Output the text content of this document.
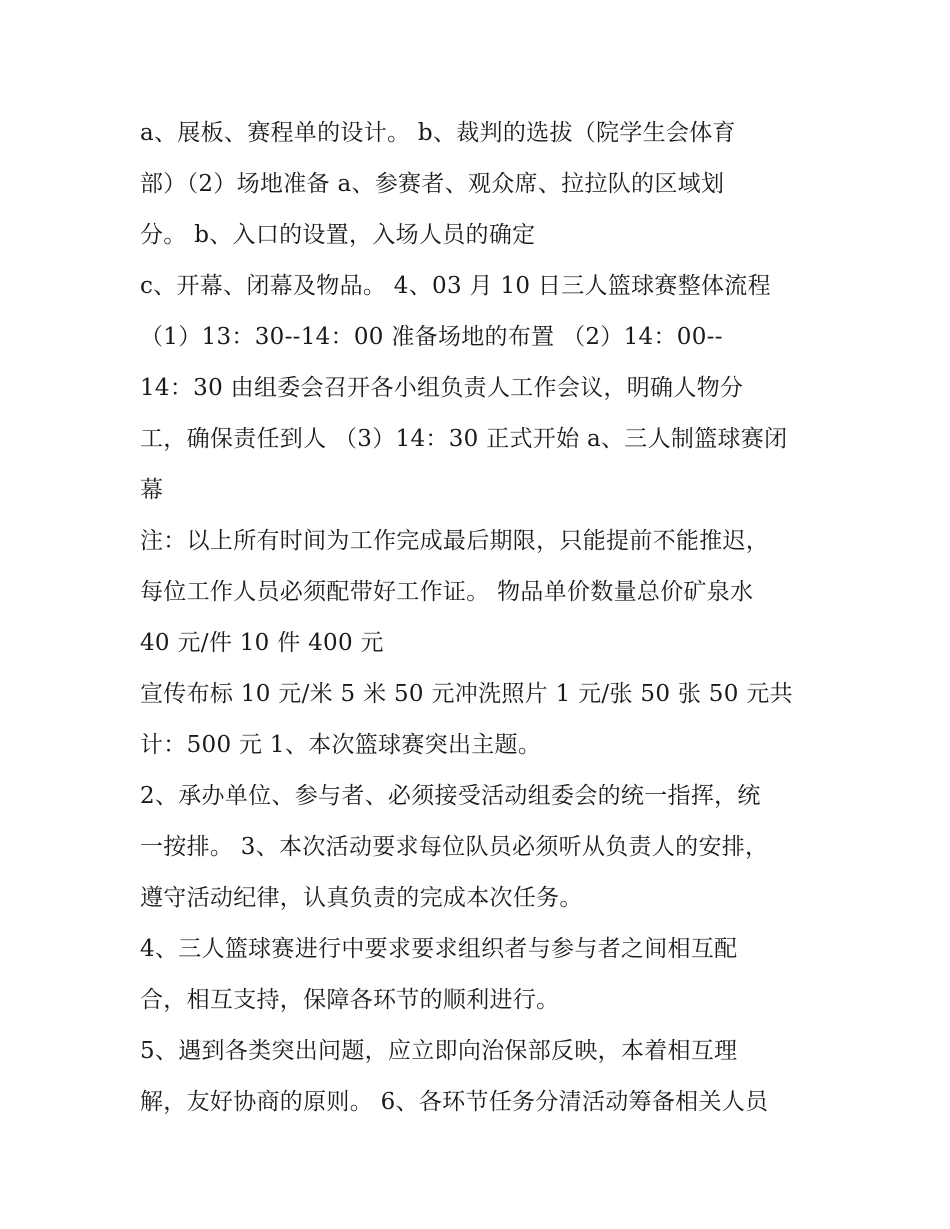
a、展板、赛程单的设计。 b、裁判的选拔（院学生会体育
部）（2）场地准备 a、参赛者、观众席、拉拉队的区域划
分。 b、入口的设置，入场人员的确定
c、开幕、闭幕及物品。 4、03 月 10 日三人篮球赛整体流程
（1）13：30--14：00 准备场地的布置 （2）14：00--
14：30 由组委会召开各小组负责人工作会议，明确人物分
工，确保责任到人 （3）14：30 正式开始 a、三人制篮球赛闭
幕
注：以上所有时间为工作完成最后期限，只能提前不能推迟，
每位工作人员必须配带好工作证。 物品单价数量总价矿泉水
40 元/件 10 件 400 元
宣传布标 10 元/米 5 米 50 元冲洗照片 1 元/张 50 张 50 元共
计：500 元 1、本次篮球赛突出主题。
2、承办单位、参与者、必须接受活动组委会的统一指挥，统
一按排。 3、本次活动要求每位队员必须听从负责人的安排，
遵守活动纪律，认真负责的完成本次任务。
4、三人篮球赛进行中要求要求组织者与参与者之间相互配
合，相互支持，保障各环节的顺利进行。
5、遇到各类突出问题，应立即向治保部反映，本着相互理
解，友好协商的原则。 6、各环节任务分清活动筹备相关人员
